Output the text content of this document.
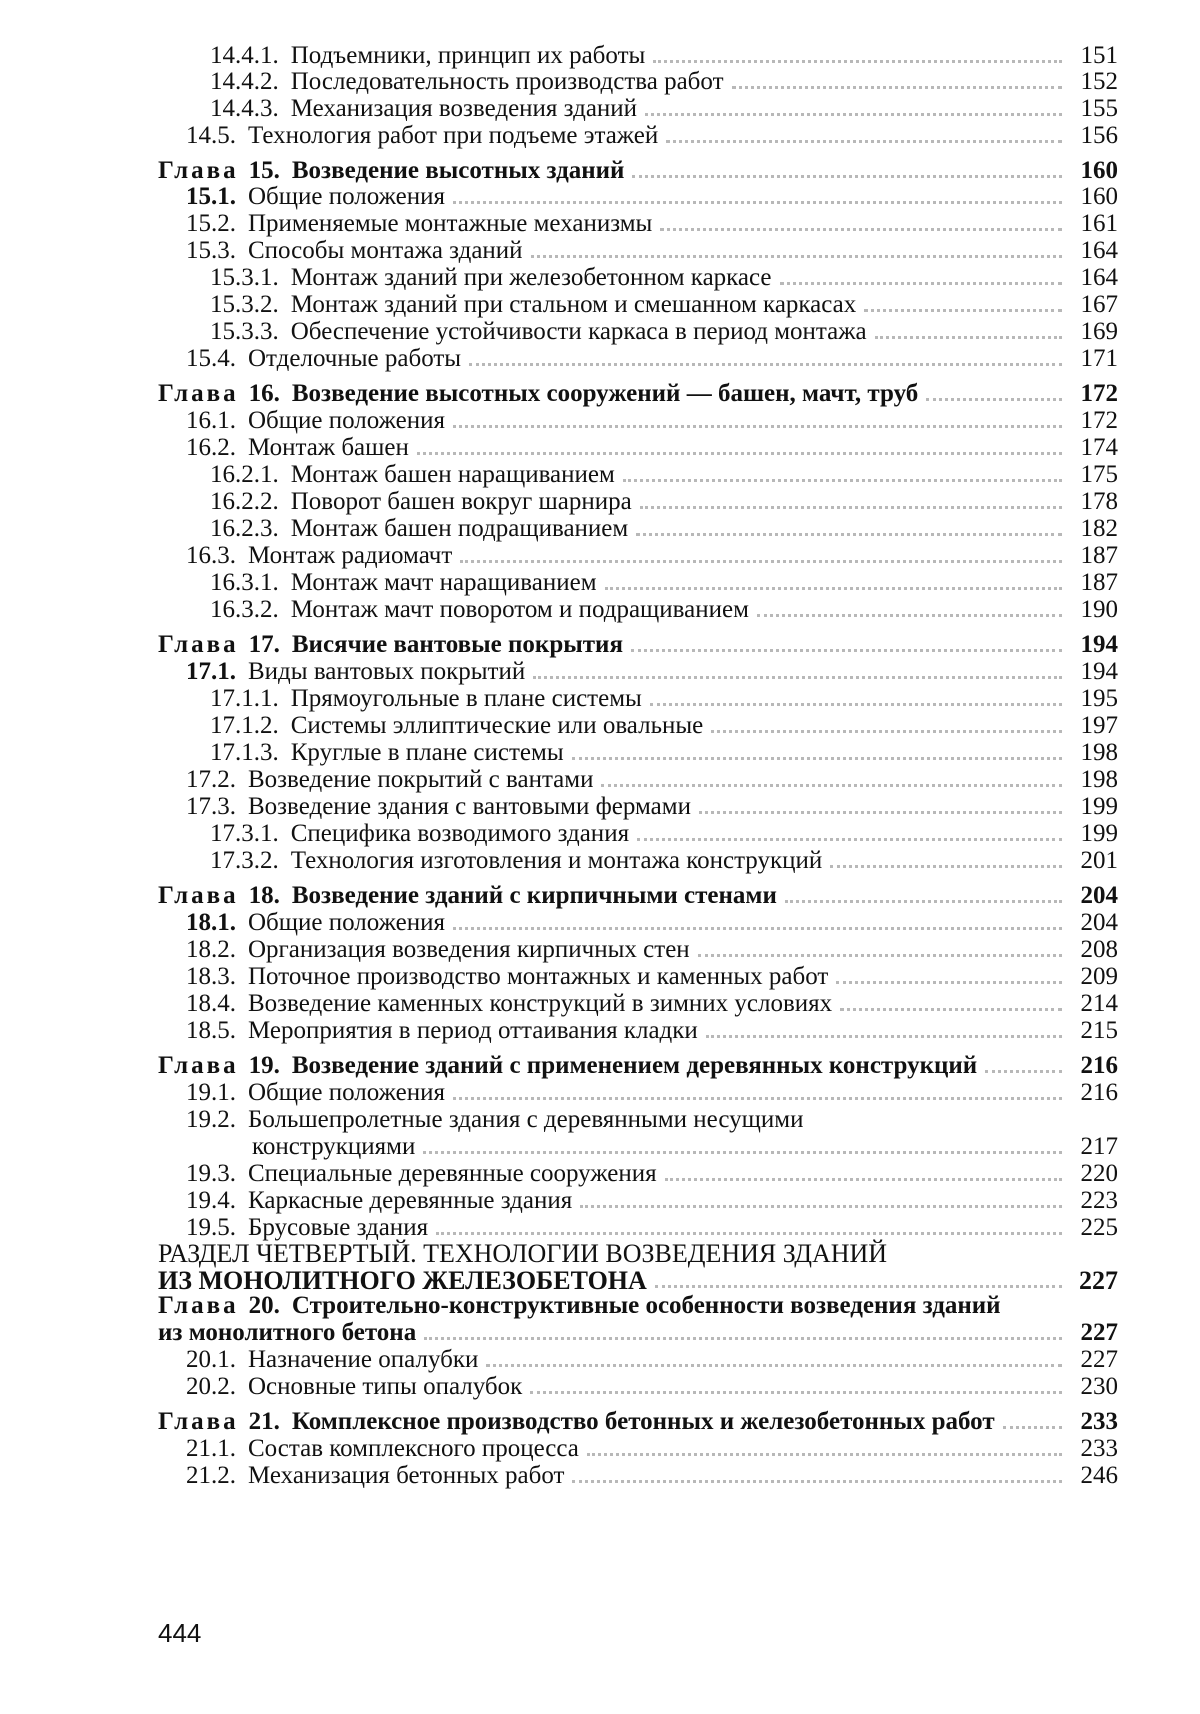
14.4.1. Подъемники, принцип их работы	151
14.4.2. Последовательность производства работ	152
14.4.3. Механизация возведения зданий	155
14.5. Технология работ при подъеме этажей	156
Глава 15. Возведение высотных зданий	160
15.1. Общие положения	160
15.2. Применяемые монтажные механизмы	161
15.3. Способы монтажа зданий	164
15.3.1. Монтаж зданий при железобетонном каркасе	164
15.3.2. Монтаж зданий при стальном и смешанном каркасах	167
15.3.3. Обеспечение устойчивости каркаса в период монтажа	169
15.4. Отделочные работы	171
Глава 16. Возведение высотных сооружений — башен, мачт, труб	172
16.1. Общие положения	172
16.2. Монтаж башен	174
16.2.1. Монтаж башен наращиванием	175
16.2.2. Поворот башен вокруг шарнира	178
16.2.3. Монтаж башен подращиванием	182
16.3. Монтаж радиомачт	187
16.3.1. Монтаж мачт наращиванием	187
16.3.2. Монтаж мачт поворотом и подращиванием	190
Глава 17. Висячие вантовые покрытия	194
17.1. Виды вантовых покрытий	194
17.1.1. Прямоугольные в плане системы	195
17.1.2. Системы эллиптические или овальные	197
17.1.3. Круглые в плане системы	198
17.2. Возведение покрытий с вантами	198
17.3. Возведение здания с вантовыми фермами	199
17.3.1. Специфика возводимого здания	199
17.3.2. Технология изготовления и монтажа конструкций	201
Глава 18. Возведение зданий с кирпичными стенами	204
18.1. Общие положения	204
18.2. Организация возведения кирпичных стен	208
18.3. Поточное производство монтажных и каменных работ	209
18.4. Возведение каменных конструкций в зимних условиях	214
18.5. Мероприятия в период оттаивания кладки	215
Глава 19. Возведение зданий с применением деревянных конструкций	216
19.1. Общие положения	216
19.2. Большепролетные здания с деревянными несущими
конструкциями	217
19.3. Специальные деревянные сооружения	220
19.4. Каркасные деревянные здания	223
19.5. Брусовые здания	225
РАЗДЕЛ ЧЕТВЕРТЫЙ. ТЕХНОЛОГИИ ВОЗВЕДЕНИЯ ЗДАНИЙ
ИЗ МОНОЛИТНОГО ЖЕЛЕЗОБЕТОНА	227
Глава 20. Строительно-конструктивные особенности возведения зданий
из монолитного бетона	227
20.1. Назначение опалубки	227
20.2. Основные типы опалубок	230
Глава 21. Комплексное производство бетонных и железобетонных работ	233
21.1. Состав комплексного процесса	233
21.2. Механизация бетонных работ	246
444
